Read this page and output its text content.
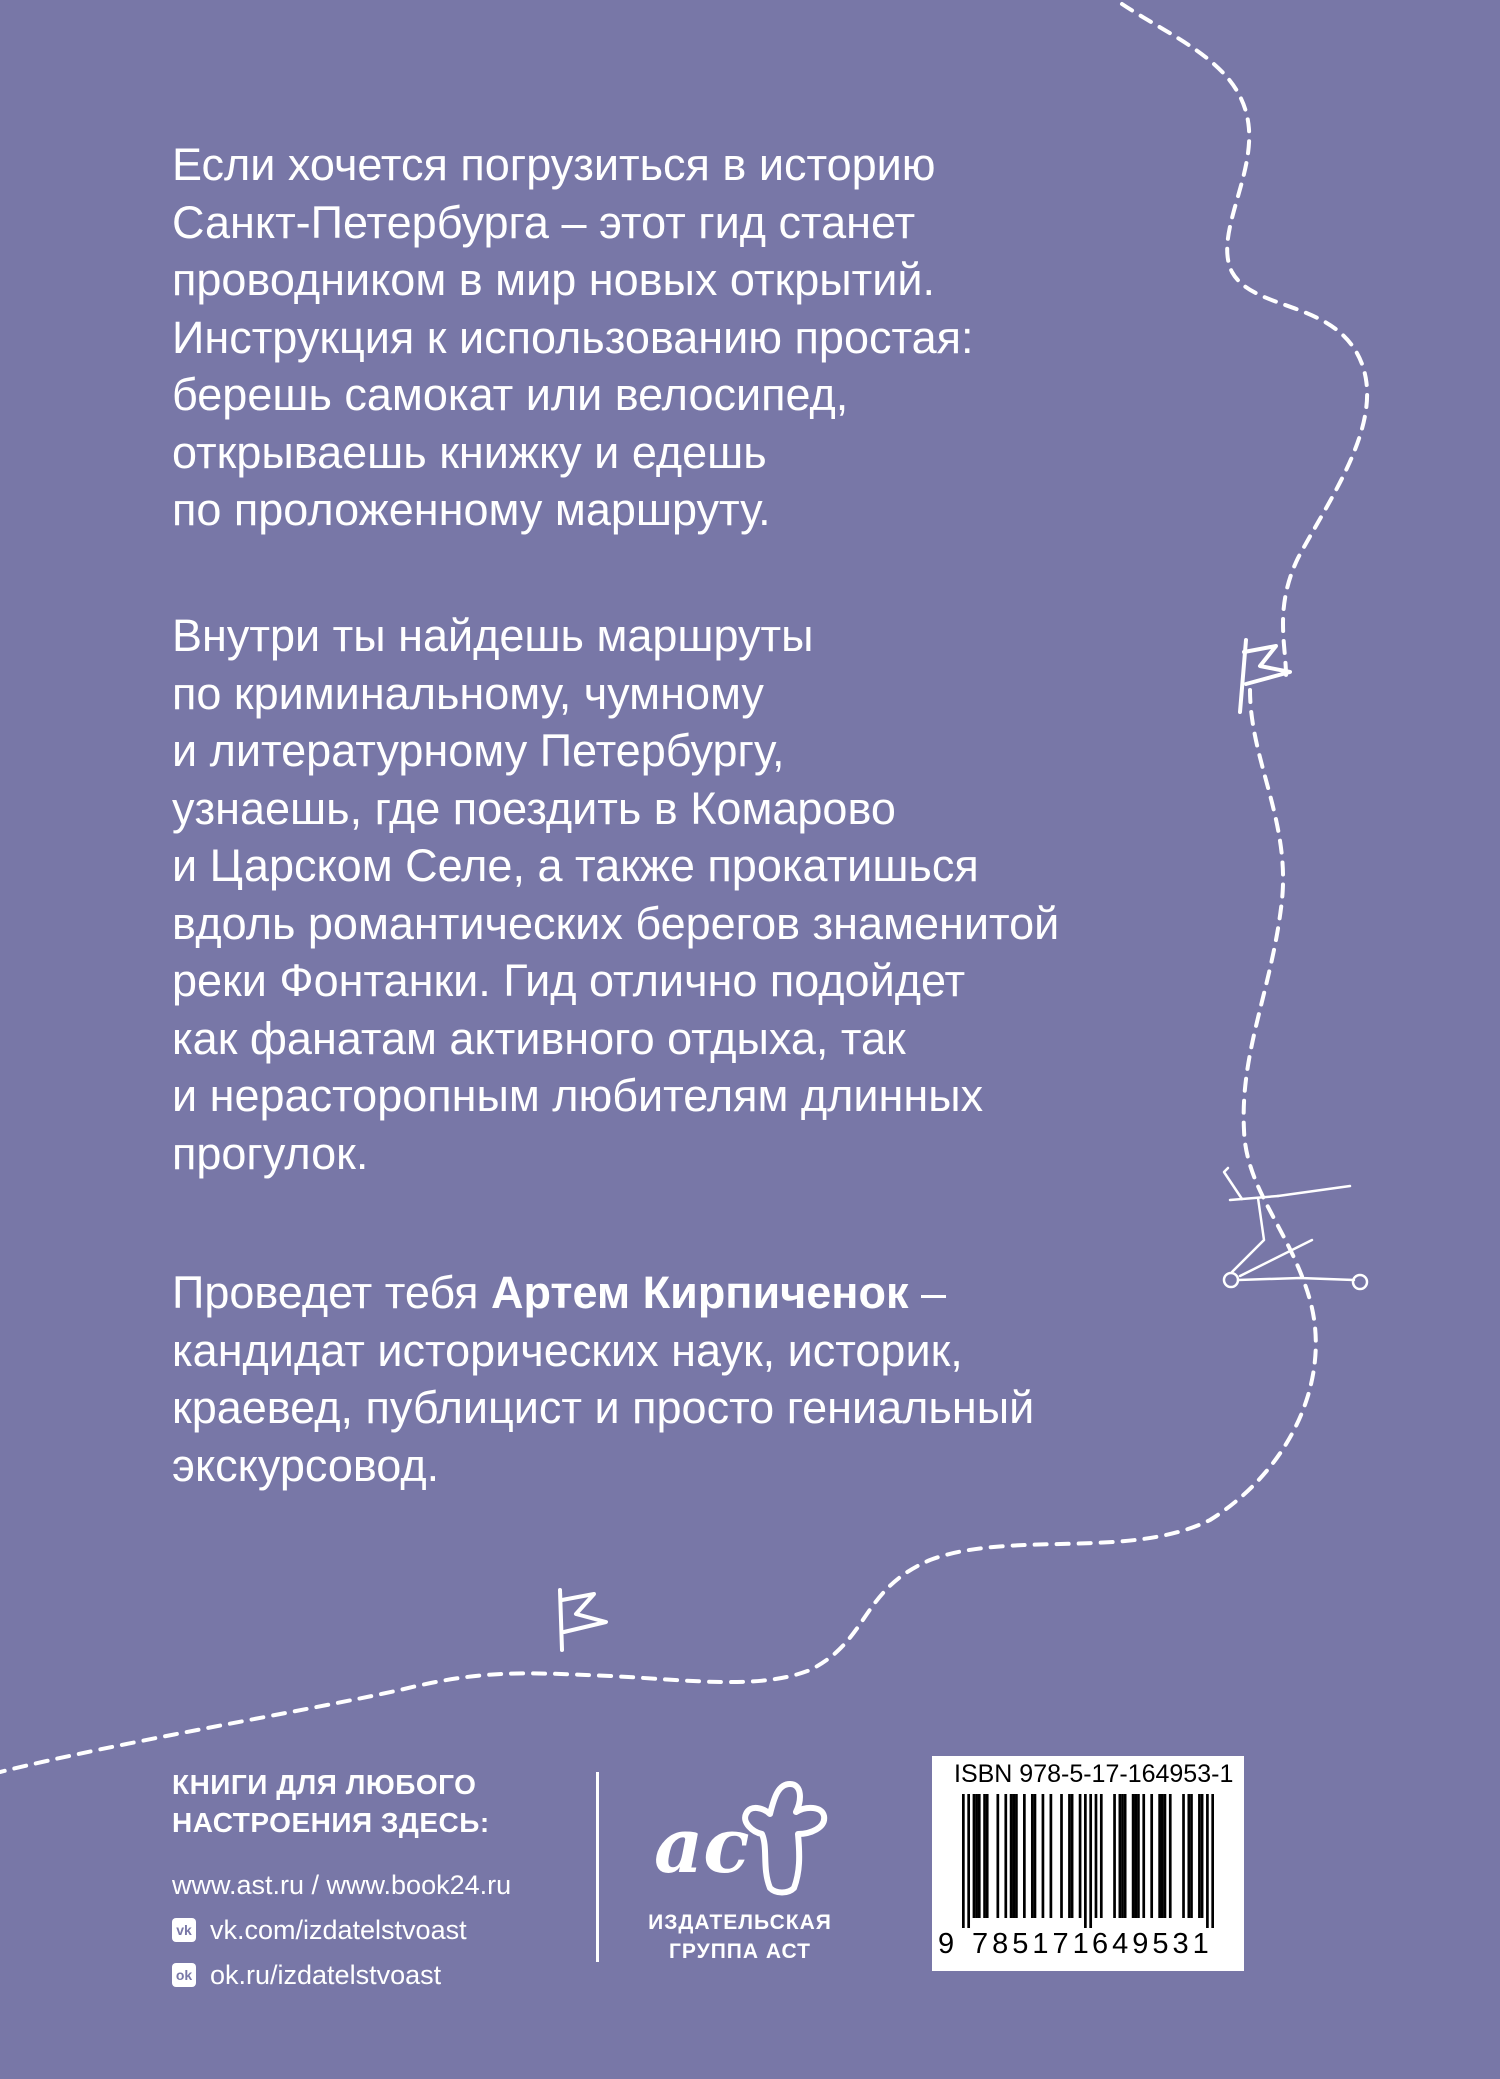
Если хочется погрузиться в историю
Санкт-Петербурга – этот гид станет
проводником в мир новых открытий.
Инструкция к использованию простая:
берешь самокат или велосипед,
открываешь книжку и едешь
по проложенному маршруту.
Внутри ты найдешь маршруты
по криминальному, чумному
и литературному Петербургу,
узнаешь, где поездить в Комарово
и Царском Селе, а также прокатишься
вдоль романтических берегов знаменитой
реки Фонтанки. Гид отлично подойдет
как фанатам активного отдыха, так
и нерасторопным любителям длинных
прогулок.
Проведет тебя Артем Кирпиченок –
кандидат исторических наук, историк,
краевед, публицист и просто гениальный
экскурсовод.
КНИГИ ДЛЯ ЛЮБОГО
НАСТРОЕНИЯ ЗДЕСЬ:
www.ast.ru / www.book24.ru
vk vk.com/izdatelstvoast
ok ok.ru/izdatelstvoast
ac
ИЗДАТЕЛЬСКАЯ
ГРУППА АСТ
ISBN 978-5-17-164953-1
9 785171 649531
